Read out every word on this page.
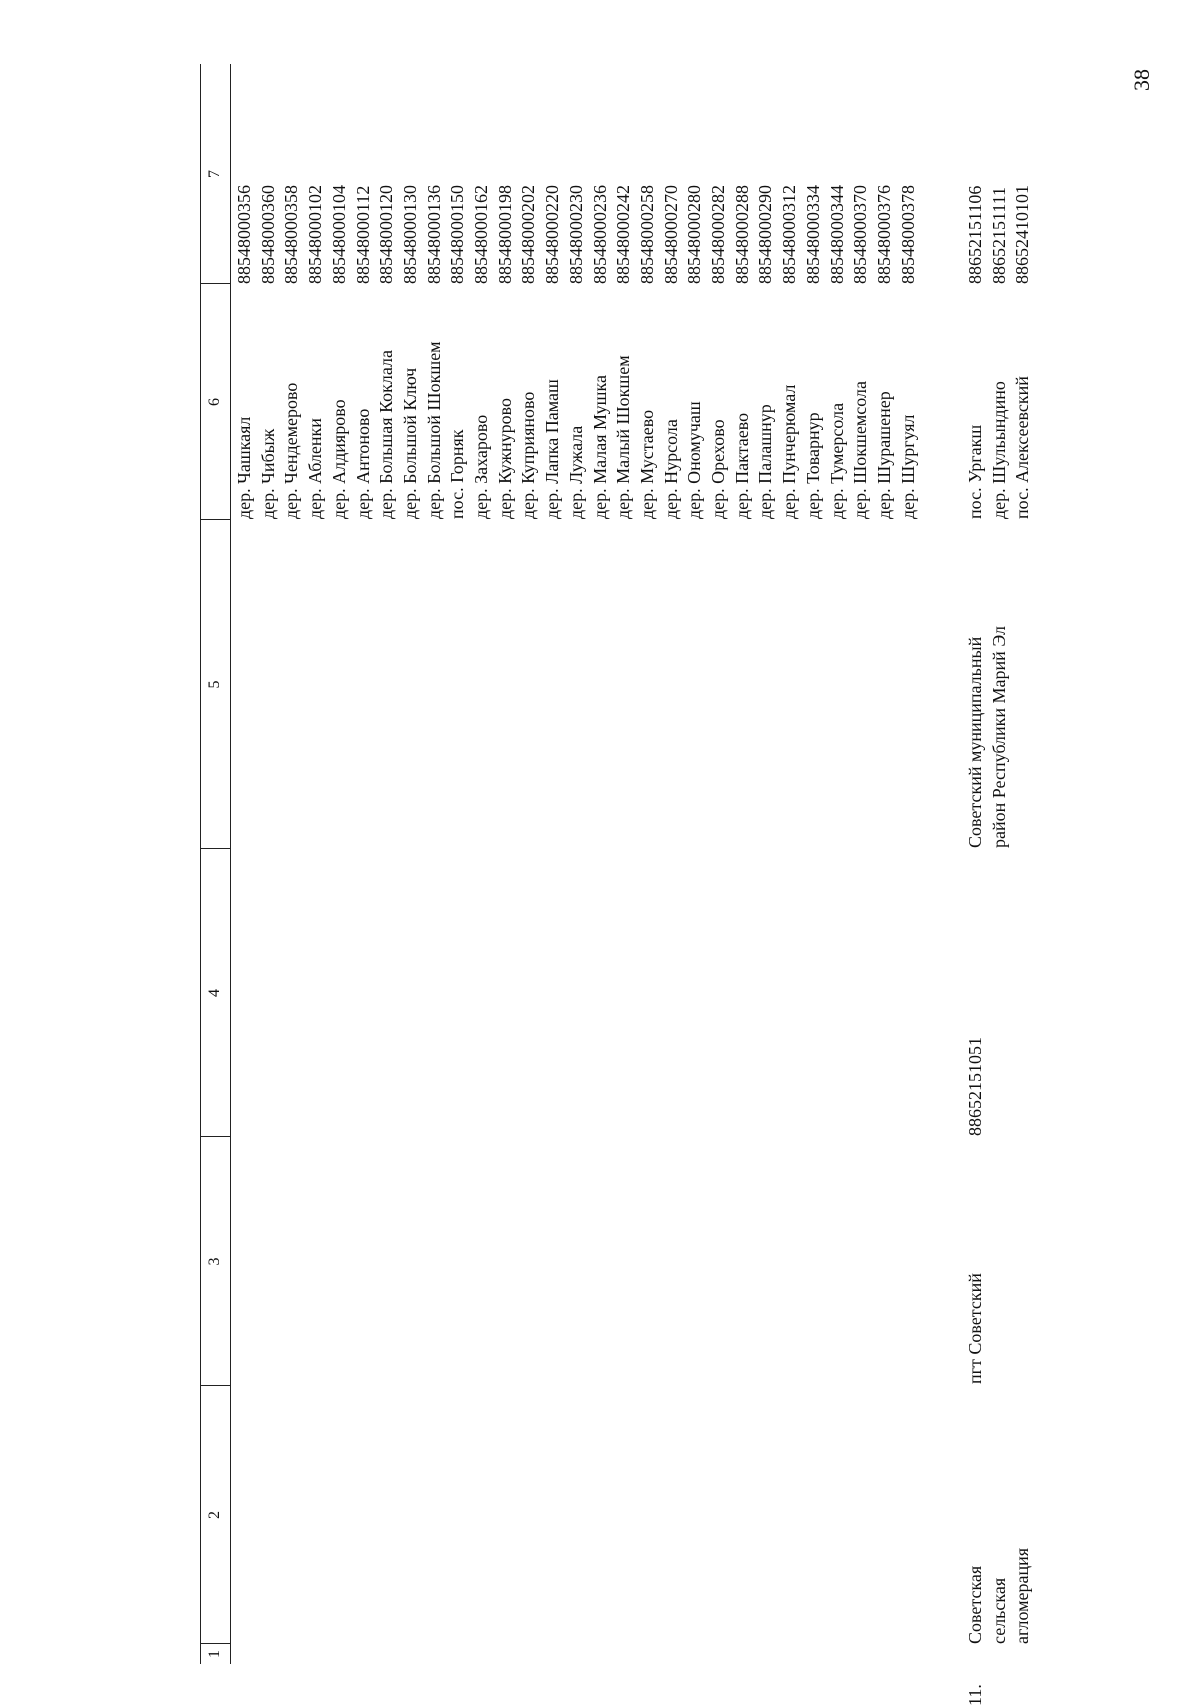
38
1
2
3
4
5
6
7
11.
Советская сельская агломерация
пгт Советский
88652151051
Советский муниципальный район Республики Марий Эл
дер. Чашкаял дер. Чибыж дер. Чендемерово дер. Абленки дер. Алдиярово дер. Антоново дер. Большая Коклала дер. Большой Ключ дер. Большой Шокшем пос. Горняк дер. Захарово дер. Кужнурово дер. Куприяново дер. Лапка Памаш дер. Лужала дер. Малая Мушка дер. Малый Шокшем дер. Мустаево дер. Нурсола дер. Ономучаш дер. Орехово дер. Пактаево дер. Палашнур дер. Пунчерюмал дер. Товарнур дер. Тумерсола дер. Шокшемсола дер. Шурашенер дер. Шургуял
88548000356 88548000360 88548000358 88548000102 88548000104 88548000112 88548000120 88548000130 88548000136 88548000150 88548000162 88548000198 88548000202 88548000220 88548000230 88548000236 88548000242 88548000258 88548000270 88548000280 88548000282 88548000288 88548000290 88548000312 88548000334 88548000344 88548000370 88548000376 88548000378
пос. Ургакш дер. Шульындино пос. Алексеевский
88652151106 88652151111 88652410101
